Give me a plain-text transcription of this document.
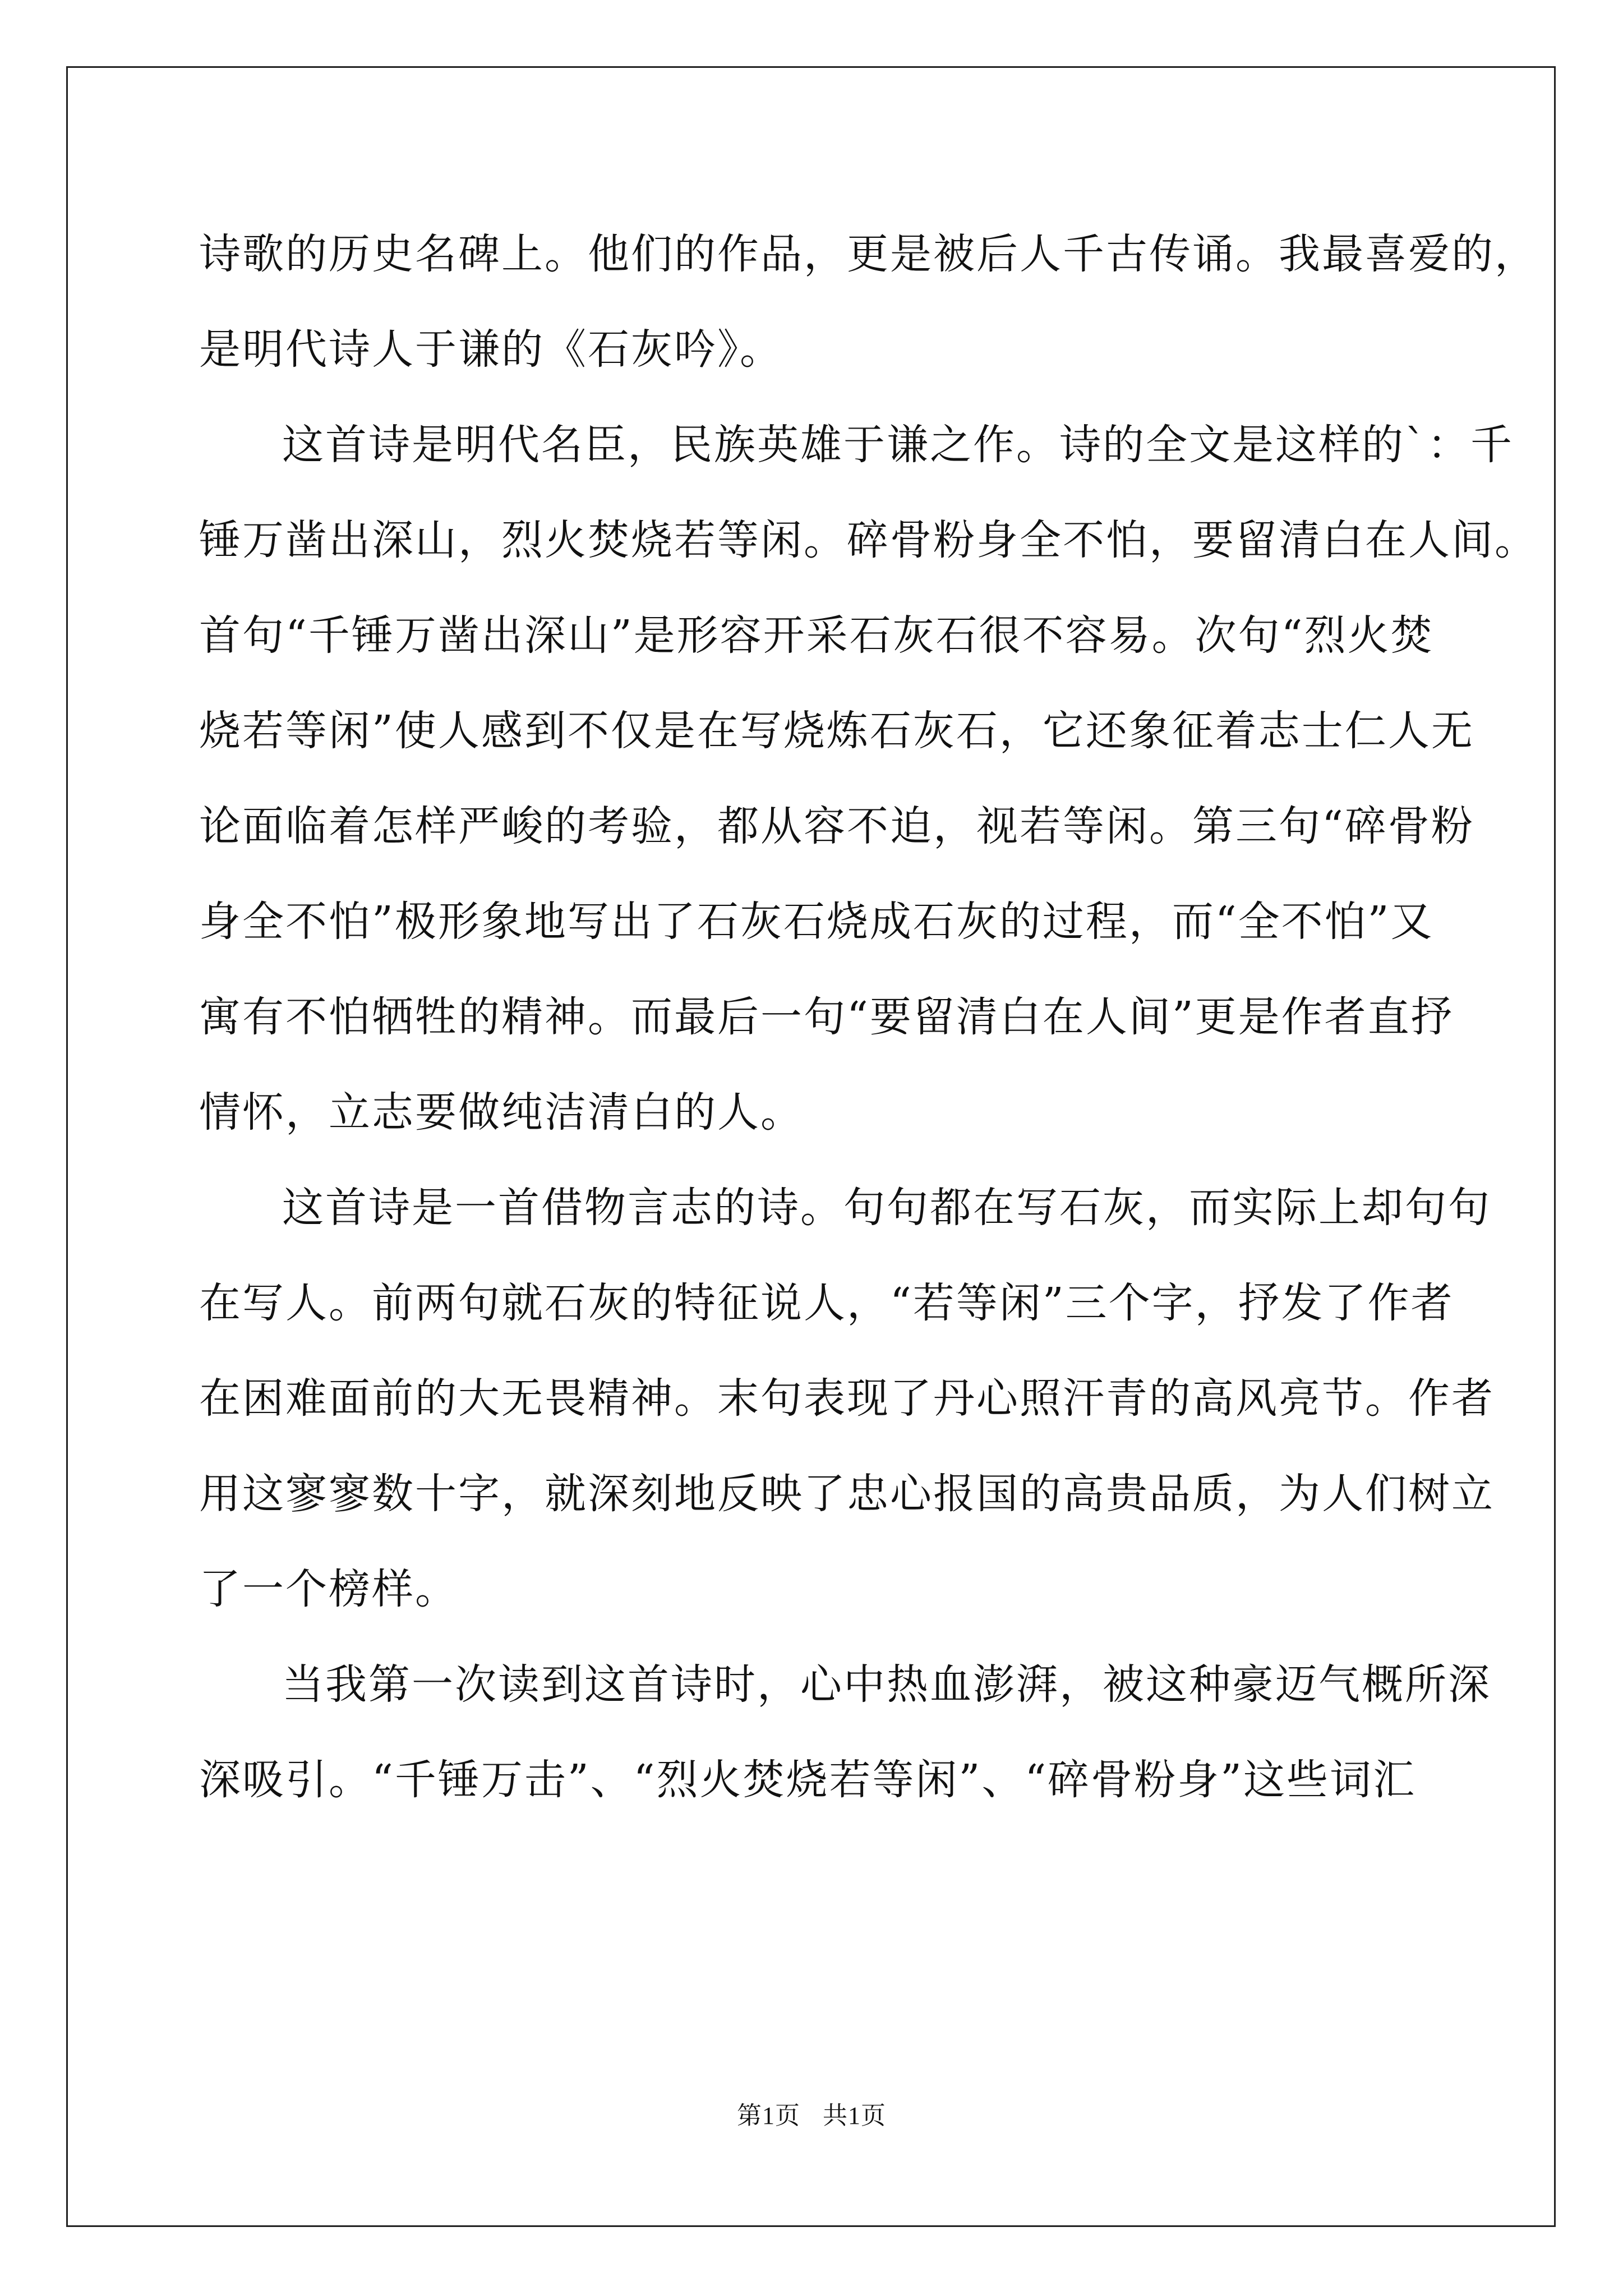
诗歌的历史名碑上。他们的作品，更是被后人千古传诵。我最喜爱的，
是明代诗人于谦的《石灰吟》。
这首诗是明代名臣，民族英雄于谦之作。诗的全文是这样的`：千
锤万凿出深山，烈火焚烧若等闲。碎骨粉身全不怕，要留清白在人间。
首句“千锤万凿出深山”是形容开采石灰石很不容易。次句“烈火焚
烧若等闲”使人感到不仅是在写烧炼石灰石，它还象征着志士仁人无
论面临着怎样严峻的考验，都从容不迫，视若等闲。第三句“碎骨粉
身全不怕”极形象地写出了石灰石烧成石灰的过程，而“全不怕”又
寓有不怕牺牲的精神。而最后一句“要留清白在人间”更是作者直抒
情怀，立志要做纯洁清白的人。
这首诗是一首借物言志的诗。句句都在写石灰，而实际上却句句
在写人。前两句就石灰的特征说人，“若等闲”三个字，抒发了作者
在困难面前的大无畏精神。末句表现了丹心照汗青的高风亮节。作者
用这寥寥数十字，就深刻地反映了忠心报国的高贵品质，为人们树立
了一个榜样。
当我第一次读到这首诗时，心中热血澎湃，被这种豪迈气概所深
深吸引。“千锤万击”、“烈火焚烧若等闲”、“碎骨粉身”这些词汇
第1页 共1页
